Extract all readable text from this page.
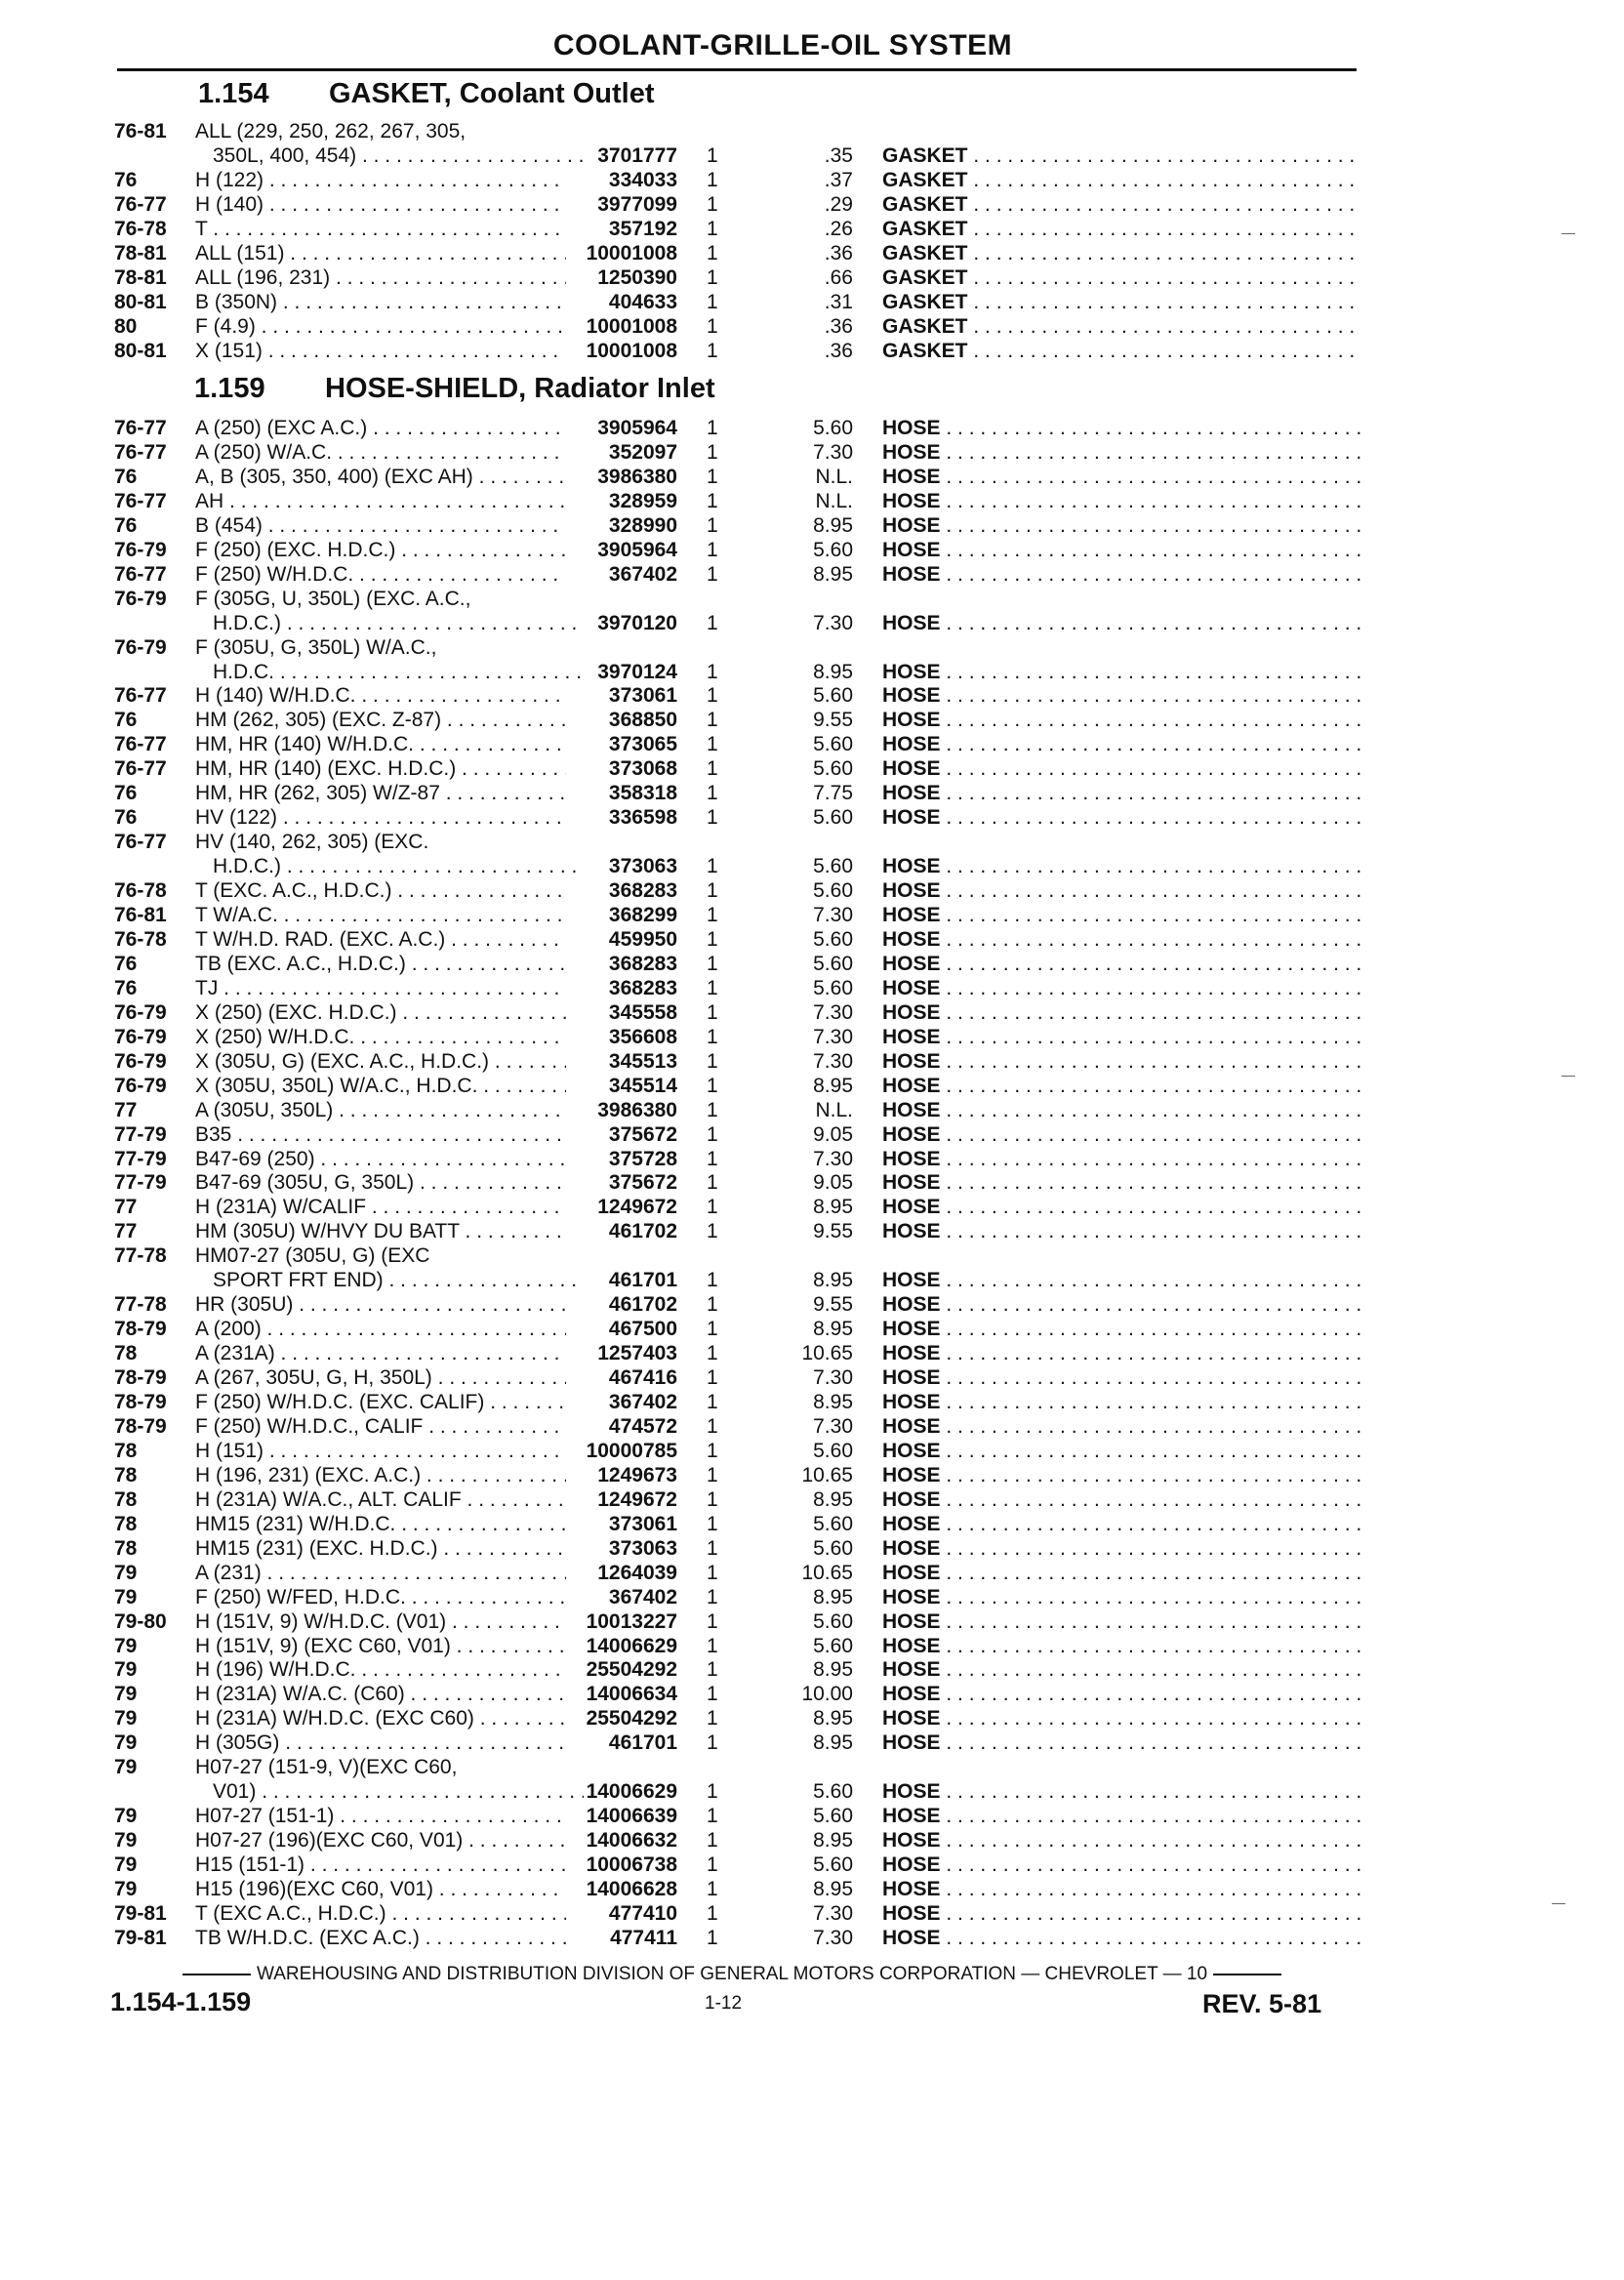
COOLANT-GRILLE-OIL SYSTEM
1.154 GASKET, Coolant Outlet
76-81 ALL (229, 250, 262, 267, 305,
350L, 400, 454) . . .	3701777 1	.35 GASKET . . .
76	H (122) . . .	334033 1	.37 GASKET . . .
76-77 H (140) . . .	3977099 1	.29 GASKET . . .
76-78 T . . .	357192 1	.26 GASKET . . .
78-81 ALL (151) . . .	10001008 1	.36 GASKET . . .
78-81 ALL (196, 231) . . .	1250390 1	.66 GASKET . . .
80-81 B (350N) . . .	404633 1	.31 GASKET . . .
80	F (4.9) . . .	10001008 1	.36 GASKET . . .
80-81 X (151) . . .	10001008 1	.36 GASKET . . .
1.159 HOSE-SHIELD, Radiator Inlet
76-77 A (250) (EXC A.C.) . . .	3905964 1	5.60 HOSE . . .
76-77 A (250) W/A.C. . . .	352097 1	7.30 HOSE . . .
76	A, B (305, 350, 400) (EXC AH) . . .	3986380 1	N.L. HOSE . . .
76-77 AH . . .	328959 1	N.L. HOSE . . .
76	B (454) . . .	328990 1	8.95 HOSE . . .
76-79 F (250) (EXC. H.D.C.) . . .	3905964 1	5.60 HOSE . . .
76-77 F (250) W/H.D.C. . . .	367402 1	8.95 HOSE . . .
76-79 F (305G, U, 350L) (EXC. A.C.,
H.D.C.) . . .	3970120 1	7.30 HOSE . . .
76-79 F (305U, G, 350L) W/A.C.,
H.D.C. . . .	3970124 1	8.95 HOSE . . .
76-77 H (140) W/H.D.C. . . .	373061 1	5.60 HOSE . . .
76	HM (262, 305) (EXC. Z-87) . . .	368850 1	9.55 HOSE . . .
76-77 HM, HR (140) W/H.D.C. . . .	373065 1	5.60 HOSE . . .
76-77 HM, HR (140) (EXC. H.D.C.) . . .	373068 1	5.60 HOSE . . .
76	HM, HR (262, 305) W/Z-87 . . .	358318 1	7.75 HOSE . . .
76	HV (122) . . .	336598 1	5.60 HOSE . . .
76-77 HV (140, 262, 305) (EXC.
H.D.C.) . . .	373063 1	5.60 HOSE . . .
76-78 T (EXC. A.C., H.D.C.) . . .	368283 1	5.60 HOSE . . .
76-81 T W/A.C. . . .	368299 1	7.30 HOSE . . .
76-78 T W/H.D. RAD. (EXC. A.C.) . . .	459950 1	5.60 HOSE . . .
76	TB (EXC. A.C., H.D.C.) . . .	368283 1	5.60 HOSE . . .
76	TJ . . .	368283 1	5.60 HOSE . . .
76-79 X (250) (EXC. H.D.C.) . . .	345558 1	7.30 HOSE . . .
76-79 X (250) W/H.D.C. . . .	356608 1	7.30 HOSE . . .
76-79 X (305U, G) (EXC. A.C., H.D.C.) . . .	345513 1	7.30 HOSE . . .
76-79 X (305U, 350L) W/A.C., H.D.C. . . .	345514 1	8.95 HOSE . . .
77	A (305U, 350L) . . .	3986380 1	N.L. HOSE . . .
77-79 B35 . . .	375672 1	9.05 HOSE . . .
77-79 B47-69 (250) . . .	375728 1	7.30 HOSE . . .
77-79 B47-69 (305U, G, 350L) . . .	375672 1	9.05 HOSE . . .
77	H (231A) W/CALIF . . .	1249672 1	8.95 HOSE . . .
77	HM (305U) W/HVY DU BATT . . .	461702 1	9.55 HOSE . . .
77-78 HM07-27 (305U, G) (EXC
SPORT FRT END) . . .	461701 1	8.95 HOSE . . .
77-78 HR (305U) . . .	461702 1	9.55 HOSE . . .
78-79 A (200) . . .	467500 1	8.95 HOSE . . .
78	A (231A) . . .	1257403 1	10.65 HOSE . . .
78-79 A (267, 305U, G, H, 350L) . . .	467416 1	7.30 HOSE . . .
78-79 F (250) W/H.D.C. (EXC. CALIF) . . .	367402 1	8.95 HOSE . . .
78-79 F (250) W/H.D.C., CALIF . . .	474572 1	7.30 HOSE . . .
78	H (151) . . .	10000785 1	5.60 HOSE . . .
78	H (196, 231) (EXC. A.C.) . . .	1249673 1	10.65 HOSE . . .
78	H (231A) W/A.C., ALT. CALIF . . .	1249672 1	8.95 HOSE . . .
78	HM15 (231) W/H.D.C. . . .	373061 1	5.60 HOSE . . .
78	HM15 (231) (EXC. H.D.C.) . . .	373063 1	5.60 HOSE . . .
79	A (231) . . .	1264039 1	10.65 HOSE . . .
79	F (250) W/FED, H.D.C. . . .	367402 1	8.95 HOSE . . .
79-80 H (151V, 9) W/H.D.C. (V01) . . .	10013227 1	5.60 HOSE . . .
79	H (151V, 9) (EXC C60, V01) . . .	14006629 1	5.60 HOSE . . .
79	H (196) W/H.D.C. . . .	25504292 1	8.95 HOSE . . .
79	H (231A) W/A.C. (C60) . . .	14006634 1	10.00 HOSE . . .
79	H (231A) W/H.D.C. (EXC C60) . . .	25504292 1	8.95 HOSE . . .
79	H (305G) . . .	461701 1	8.95 HOSE . . .
79	H07-27 (151-9, V)(EXC C60,
V01) . . .	14006629 1	5.60 HOSE . . .
79	H07-27 (151-1) . . .	14006639 1	5.60 HOSE . . .
79	H07-27 (196)(EXC C60, V01) . . .	14006632 1	8.95 HOSE . . .
79	H15 (151-1) . . .	10006738 1	5.60 HOSE . . .
79	H15 (196)(EXC C60, V01) . . .	14006628 1	8.95 HOSE . . .
79-81 T (EXC A.C., H.D.C.) . . .	477410 1	7.30 HOSE . . .
79-81 TB W/H.D.C. (EXC A.C.) . . .	477411 1	7.30 HOSE . . .
WAREHOUSING AND DISTRIBUTION DIVISION OF GENERAL MOTORS CORPORATION — CHEVROLET — 10
1.154-1.159	1-12	REV. 5-81
